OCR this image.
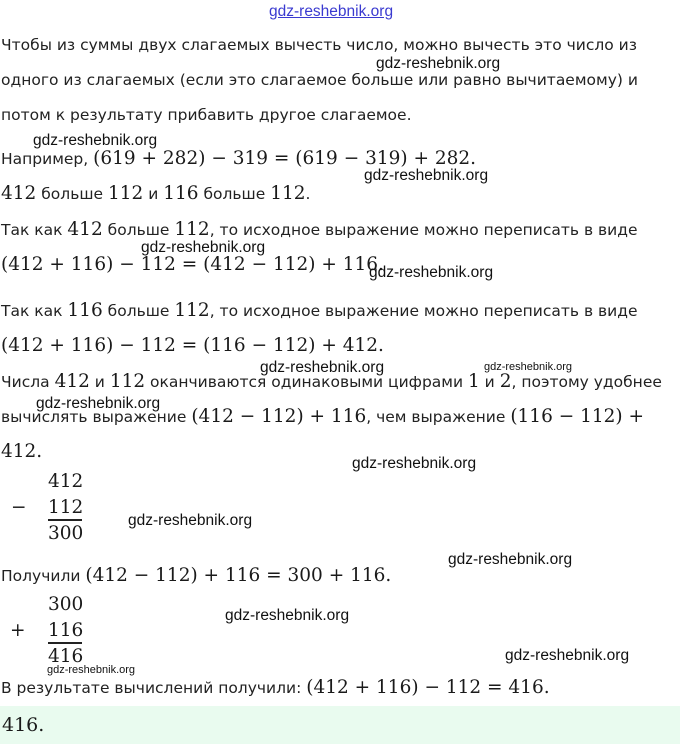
gdz-reshebnik.org
Чтобы из суммы двух слагаемых вычесть число, можно вычесть это число из
одного из слагаемых (если это слагаемое больше или равно вычитаемому) и
потом к результату прибавить другое слагаемое.
Например, (619 + 282) − 319 = (619 − 319) + 282.
412 больше 112 и 116 больше 112.
Так как 412 больше 112, то исходное выражение можно переписать в виде
(412 + 116) − 112 = (412 − 112) + 116.
Так как 116 больше 112, то исходное выражение можно переписать в виде
(412 + 116) − 112 = (116 − 112) + 412.
Числа 412 и 112 оканчиваются одинаковыми цифрами 1 и 2, поэтому удобнее
вычислять выражение (412 − 112) + 116, чем выражение (116 − 112) +
412.
−
412
112
300
Получили (412 − 112) + 116 = 300 + 116.
+
300
116
416
В результате вычислений получили: (412 + 116) − 112 = 416.
416.
gdz-reshebnik.org
gdz-reshebnik.org
gdz-reshebnik.org
gdz-reshebnik.org
gdz-reshebnik.org
gdz-reshebnik.org	gdz-reshebnik.org
gdz-reshebnik.org
gdz-reshebnik.org
gdz-reshebnik.org
gdz-reshebnik.org
gdz-reshebnik.org
gdz-reshebnik.org
gdz-reshebnik.org
